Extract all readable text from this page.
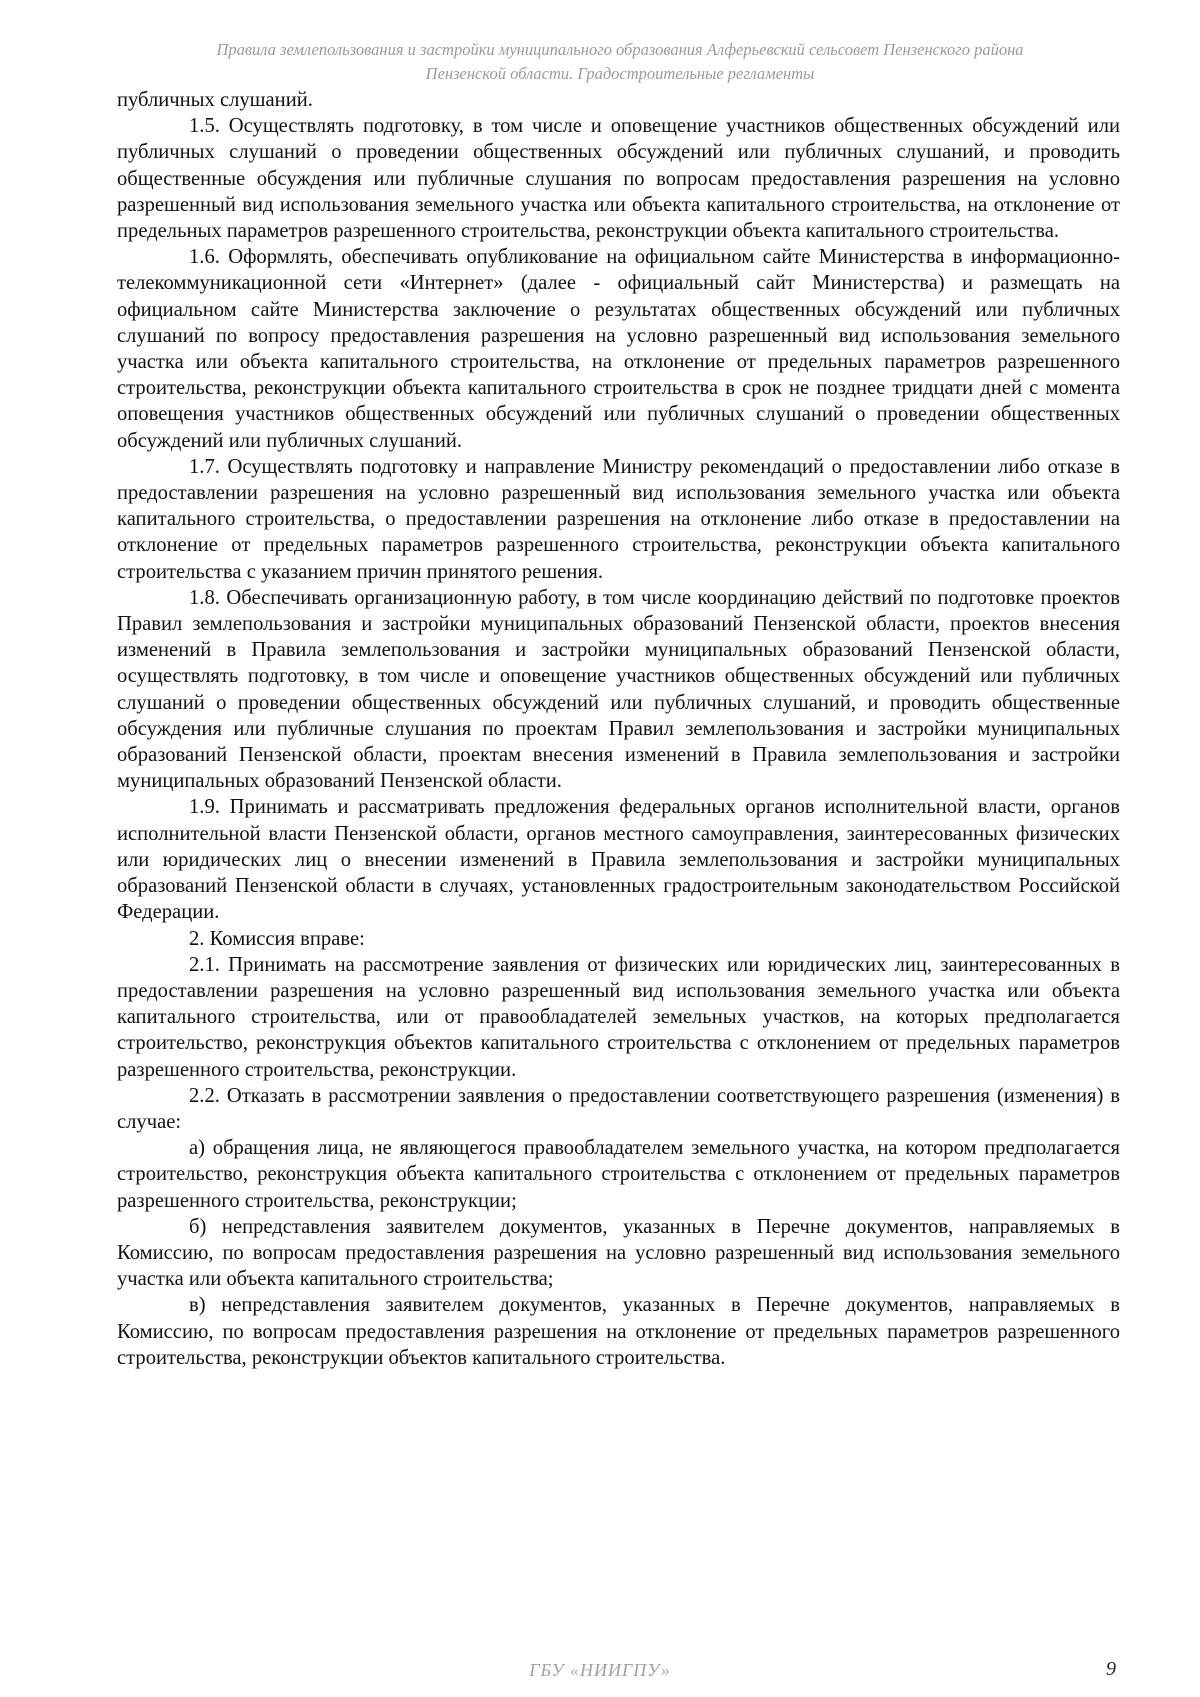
Правила землепользования и застройки муниципального образования Алферьевский сельсовет Пензенского района
Пензенской области. Градостроительные регламенты

публичных слушаний.

1.5. Осуществлять подготовку, в том числе и оповещение участников общественных обсуждений или публичных слушаний о проведении общественных обсуждений или публичных слушаний, и проводить общественные обсуждения или публичные слушания по вопросам предоставления разрешения на условно разрешенный вид использования земельного участка или объекта капитального строительства, на отклонение от предельных параметров разрешенного строительства, реконструкции объекта капитального строительства.

1.6. Оформлять, обеспечивать опубликование на официальном сайте Министерства в информационно-телекоммуникационной сети «Интернет» (далее - официальный сайт Министерства) и размещать на официальном сайте Министерства заключение о результатах общественных обсуждений или публичных слушаний по вопросу предоставления разрешения на условно разрешенный вид использования земельного участка или объекта капитального строительства, на отклонение от предельных параметров разрешенного строительства, реконструкции объекта капитального строительства в срок не позднее тридцати дней с момента оповещения участников общественных обсуждений или публичных слушаний о проведении общественных обсуждений или публичных слушаний.

1.7. Осуществлять подготовку и направление Министру рекомендаций о предоставлении либо отказе в предоставлении разрешения на условно разрешенный вид использования земельного участка или объекта капитального строительства, о предоставлении разрешения на отклонение либо отказе в предоставлении на отклонение от предельных параметров разрешенного строительства, реконструкции объекта капитального строительства с указанием причин принятого решения.

1.8. Обеспечивать организационную работу, в том числе координацию действий по подготовке проектов Правил землепользования и застройки муниципальных образований Пензенской области, проектов внесения изменений в Правила землепользования и застройки муниципальных образований Пензенской области, осуществлять подготовку, в том числе и оповещение участников общественных обсуждений или публичных слушаний о проведении общественных обсуждений или публичных слушаний, и проводить общественные обсуждения или публичные слушания по проектам Правил землепользования и застройки муниципальных образований Пензенской области, проектам внесения изменений в Правила землепользования и застройки муниципальных образований Пензенской области.

1.9. Принимать и рассматривать предложения федеральных органов исполнительной власти, органов исполнительной власти Пензенской области, органов местного самоуправления, заинтересованных физических или юридических лиц о внесении изменений в Правила землепользования и застройки муниципальных образований Пензенской области в случаях, установленных градостроительным законодательством Российской Федерации.

2. Комиссия вправе:

2.1. Принимать на рассмотрение заявления от физических или юридических лиц, заинтересованных в предоставлении разрешения на условно разрешенный вид использования земельного участка или объекта капитального строительства, или от правообладателей земельных участков, на которых предполагается строительство, реконструкция объектов капитального строительства с отклонением от предельных параметров разрешенного строительства, реконструкции.

2.2. Отказать в рассмотрении заявления о предоставлении соответствующего разрешения (изменения) в случае:

а) обращения лица, не являющегося правообладателем земельного участка, на котором предполагается строительство, реконструкция объекта капитального строительства с отклонением от предельных параметров разрешенного строительства, реконструкции;

б) непредставления заявителем документов, указанных в Перечне документов, направляемых в Комиссию, по вопросам предоставления разрешения на условно разрешенный вид использования земельного участка или объекта капитального строительства;

в) непредставления заявителем документов, указанных в Перечне документов, направляемых в Комиссию, по вопросам предоставления разрешения на отклонение от предельных параметров разрешенного строительства, реконструкции объектов капитального строительства.

ГБУ «НИИГПУ»	9
